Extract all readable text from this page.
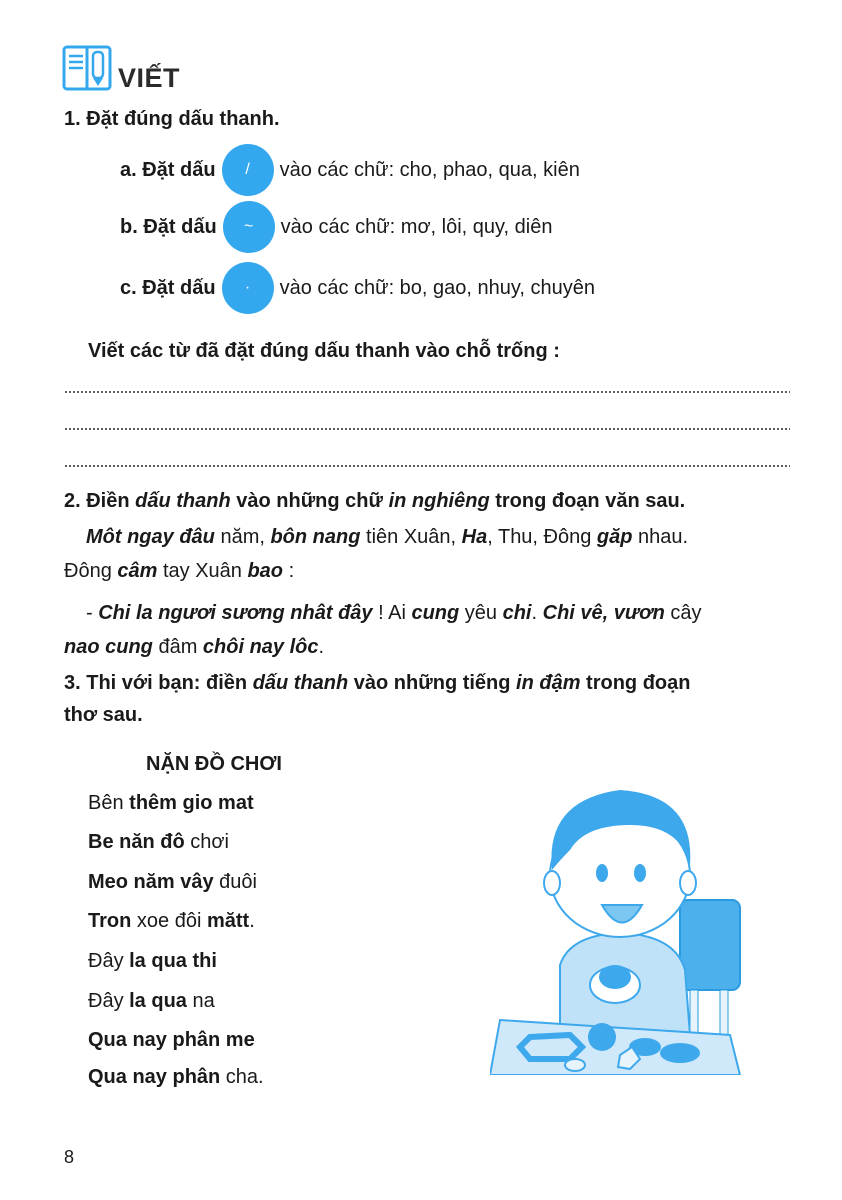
VIẾT
1. Đặt đúng dấu thanh.
a. Đặt dấu	/	vào các chữ: cho, phao, qua, kiên
b. Đặt dấu	~	vào các chữ: mơ, lôi, quy, diên
c. Đặt dấu	·	vào các chữ: bo, gao, nhuy, chuyên
Viết các từ đã đặt đúng dấu thanh vào chỗ trống :
2. Điền dấu thanh vào những chữ in nghiêng trong đoạn văn sau.
Môt ngay đâu năm, bôn nang tiên Xuân, Ha, Thu, Đông găp nhau.
Đông câm tay Xuân bao :
- Chi la ngươi sương nhât đây ! Ai cung yêu chi. Chi vê, vươn cây
nao cung đâm chôi nay lôc.
3. Thi với bạn: điền dấu thanh vào những tiếng in đậm trong đoạn
thơ sau.
NẶN ĐỒ CHƠI
Bên thêm gio mat
Be năn đô chơi
Meo năm vây đuôi
Tron xoe đôi mătt.
Đây la qua thi
Đây la qua na
Qua nay phân me
Qua nay phân cha.
8
